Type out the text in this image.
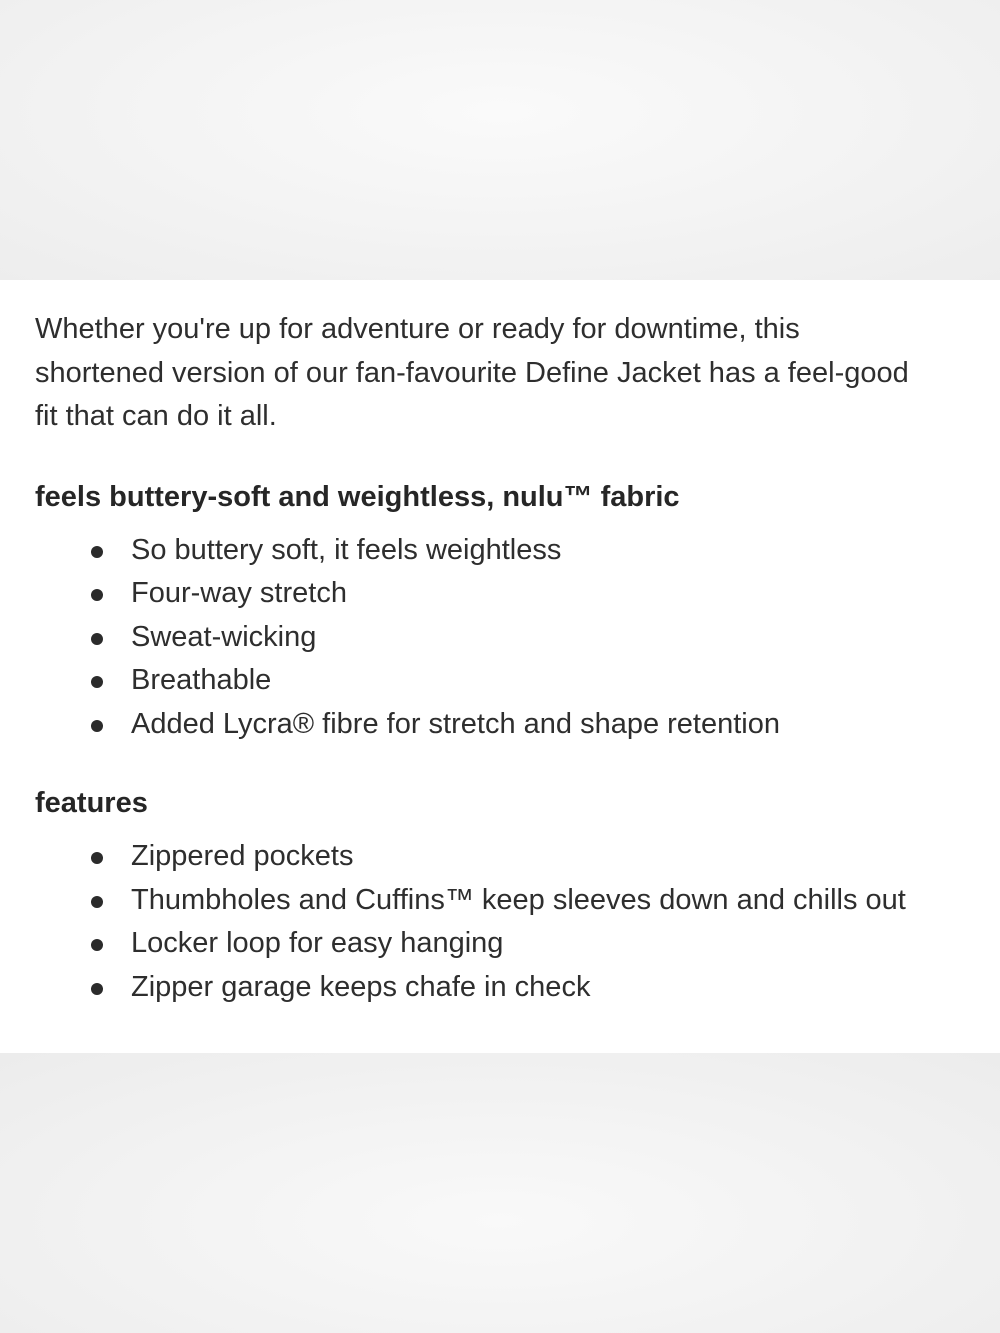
Whether you're up for adventure or ready for downtime, this shortened version of our fan-favourite Define Jacket has a feel-good fit that can do it all.

feels buttery-soft and weightless, nulu™ fabric
So buttery soft, it feels weightless
Four-way stretch
Sweat-wicking
Breathable
Added Lycra® fibre for stretch and shape retention
features
Zippered pockets
Thumbholes and Cuffins™ keep sleeves down and chills out
Locker loop for easy hanging
Zipper garage keeps chafe in check
